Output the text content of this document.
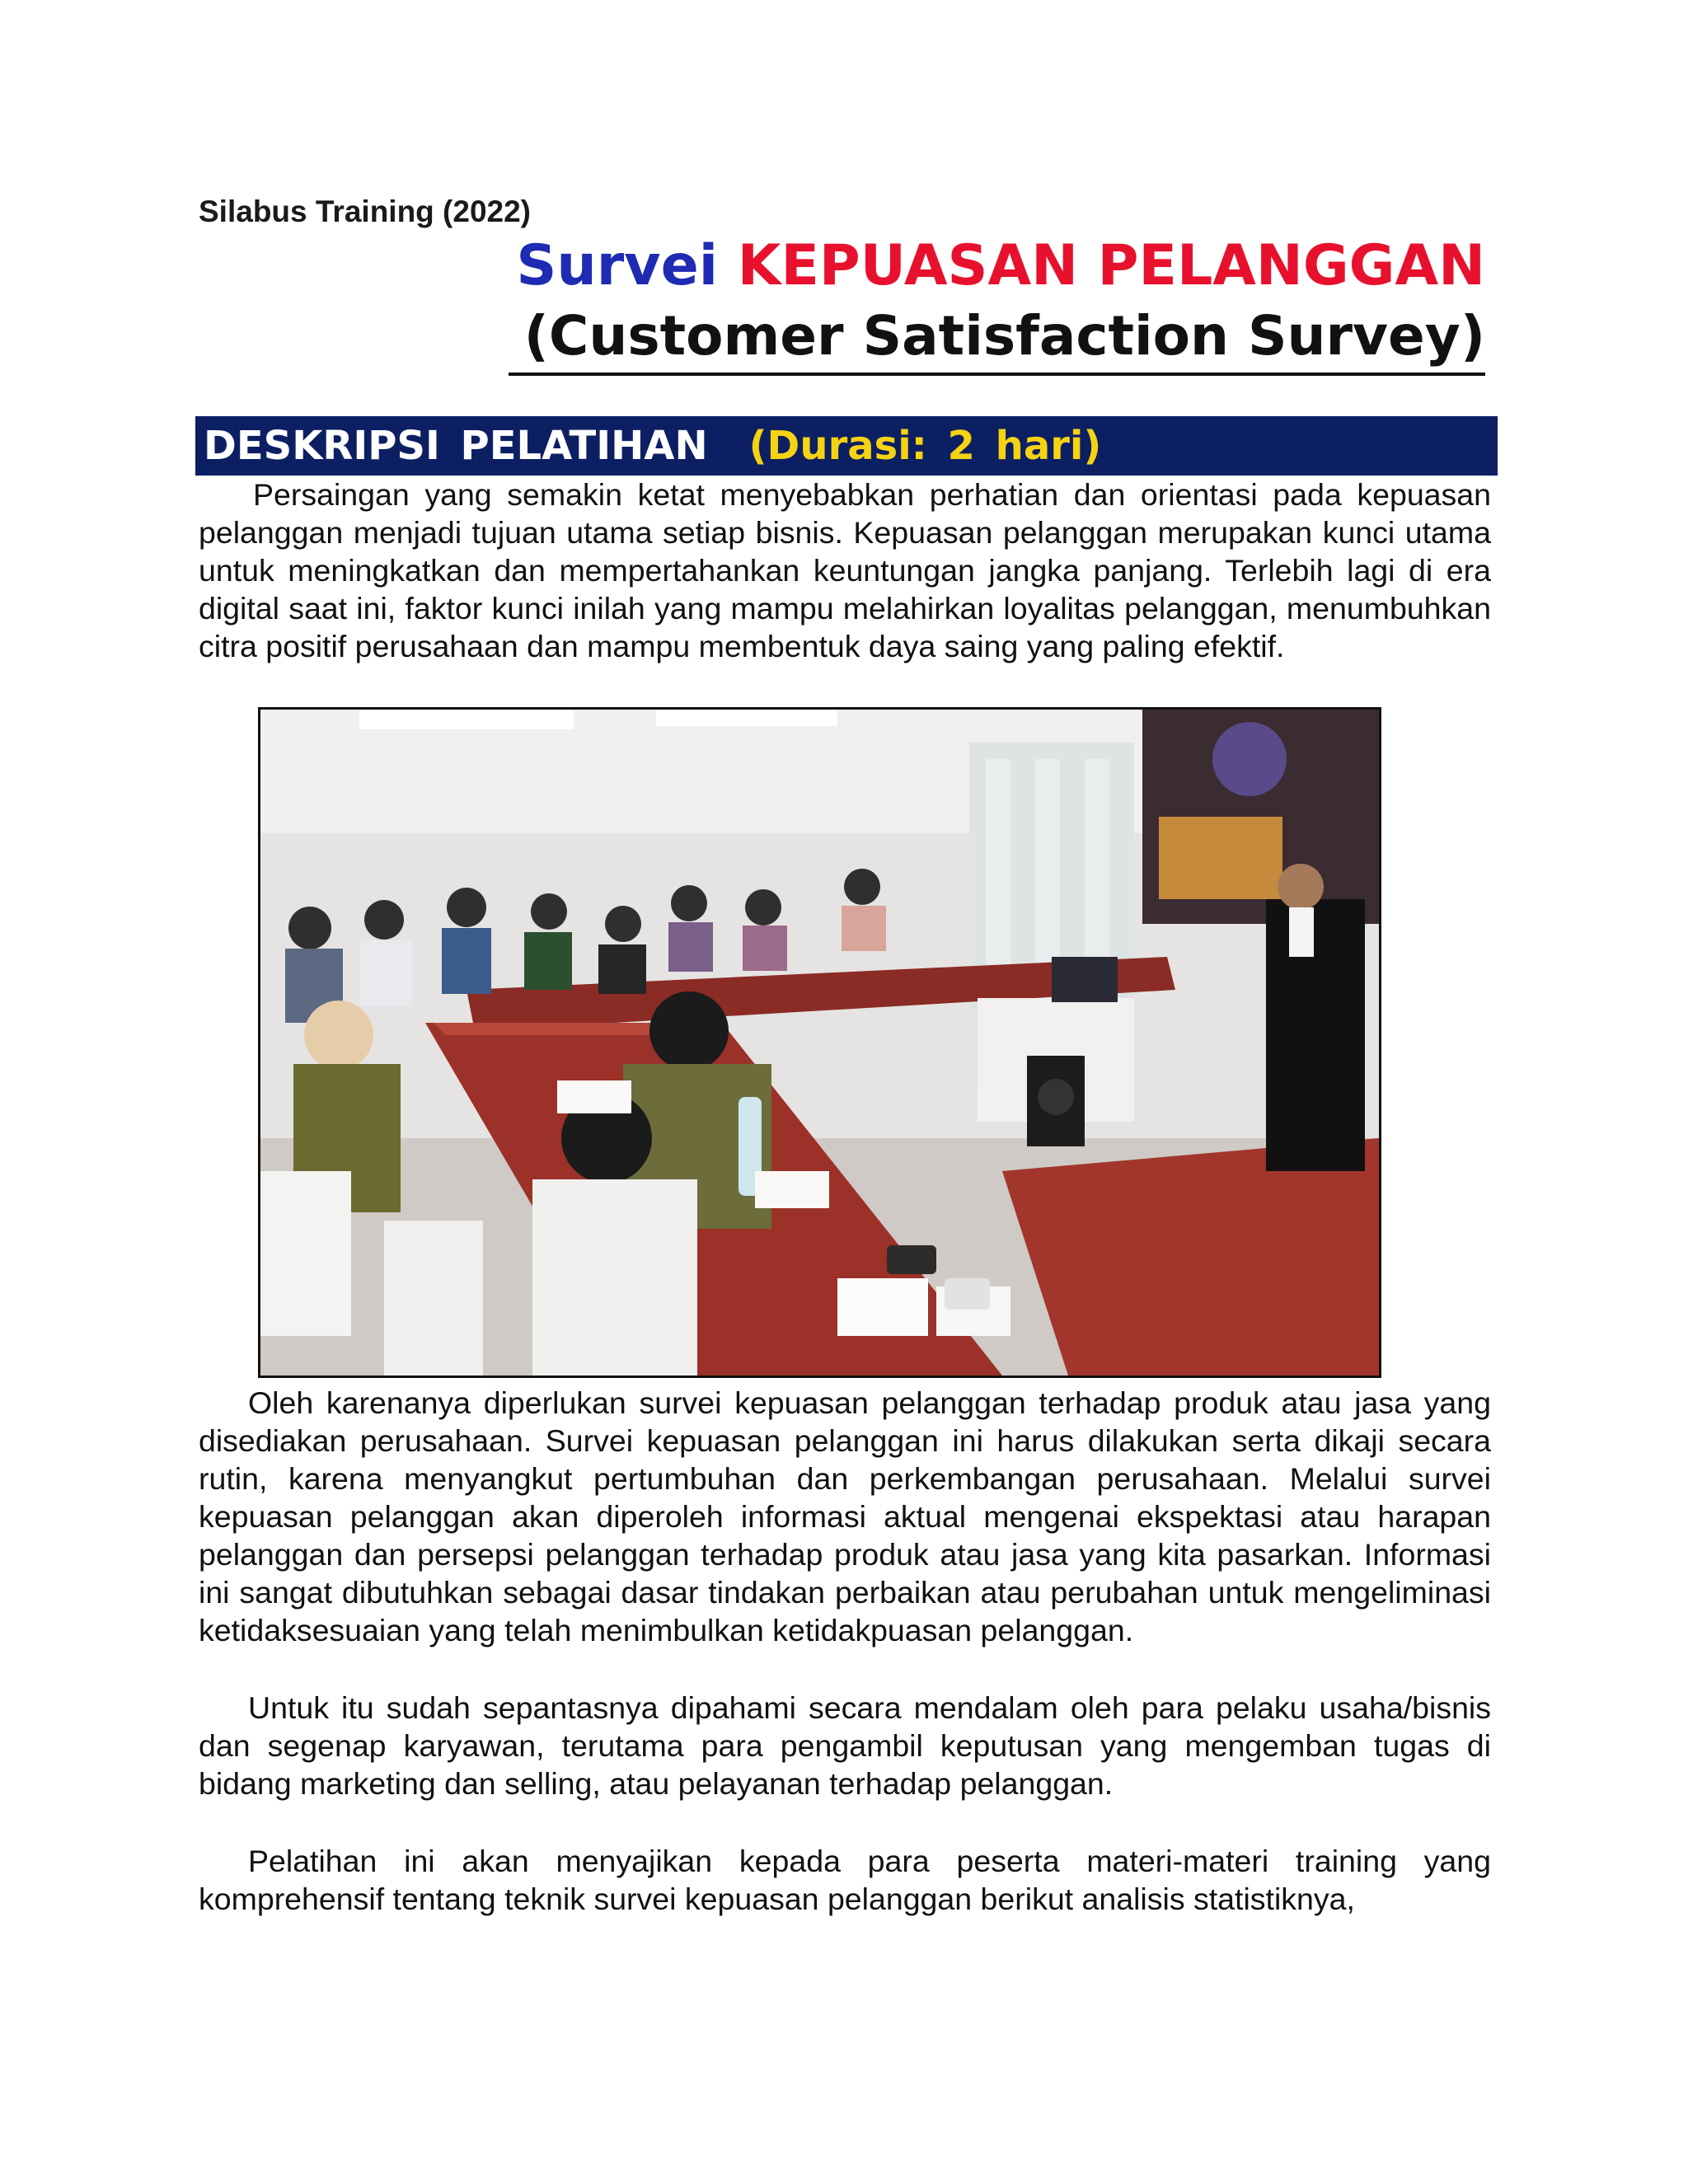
Silabus Training (2022)
Survei KEPUASAN PELANGGAN
(Customer Satisfaction Survey)
DESKRIPSI PELATIHAN (Durasi: 2 hari)

Persaingan yang semakin ketat menyebabkan perhatian dan orientasi pada kepuasan pelanggan menjadi tujuan utama setiap bisnis. Kepuasan pelanggan merupakan kunci utama untuk meningkatkan dan mempertahankan keuntungan jangka panjang. Terlebih lagi di era digital saat ini, faktor kunci inilah yang mampu melahirkan loyalitas pelanggan, menumbuhkan citra positif perusahaan dan mampu membentuk daya saing yang paling efektif.

Oleh karenanya diperlukan survei kepuasan pelanggan terhadap produk atau jasa yang disediakan perusahaan. Survei kepuasan pelanggan ini harus dilakukan serta dikaji secara rutin, karena menyangkut pertumbuhan dan perkembangan perusahaan. Melalui survei kepuasan pelanggan akan diperoleh informasi aktual mengenai ekspektasi atau harapan pelanggan dan persepsi pelanggan terhadap produk atau jasa yang kita pasarkan. Informasi ini sangat dibutuhkan sebagai dasar tindakan perbaikan atau perubahan untuk mengeliminasi ketidaksesuaian yang telah menimbulkan ketidakpuasan pelanggan.

Untuk itu sudah sepantasnya dipahami secara mendalam oleh para pelaku usaha/bisnis dan segenap karyawan, terutama para pengambil keputusan yang mengemban tugas di bidang marketing dan selling, atau pelayanan terhadap pelanggan.

Pelatihan ini akan menyajikan kepada para peserta materi-materi training yang komprehensif tentang teknik survei kepuasan pelanggan berikut analisis statistiknya,
